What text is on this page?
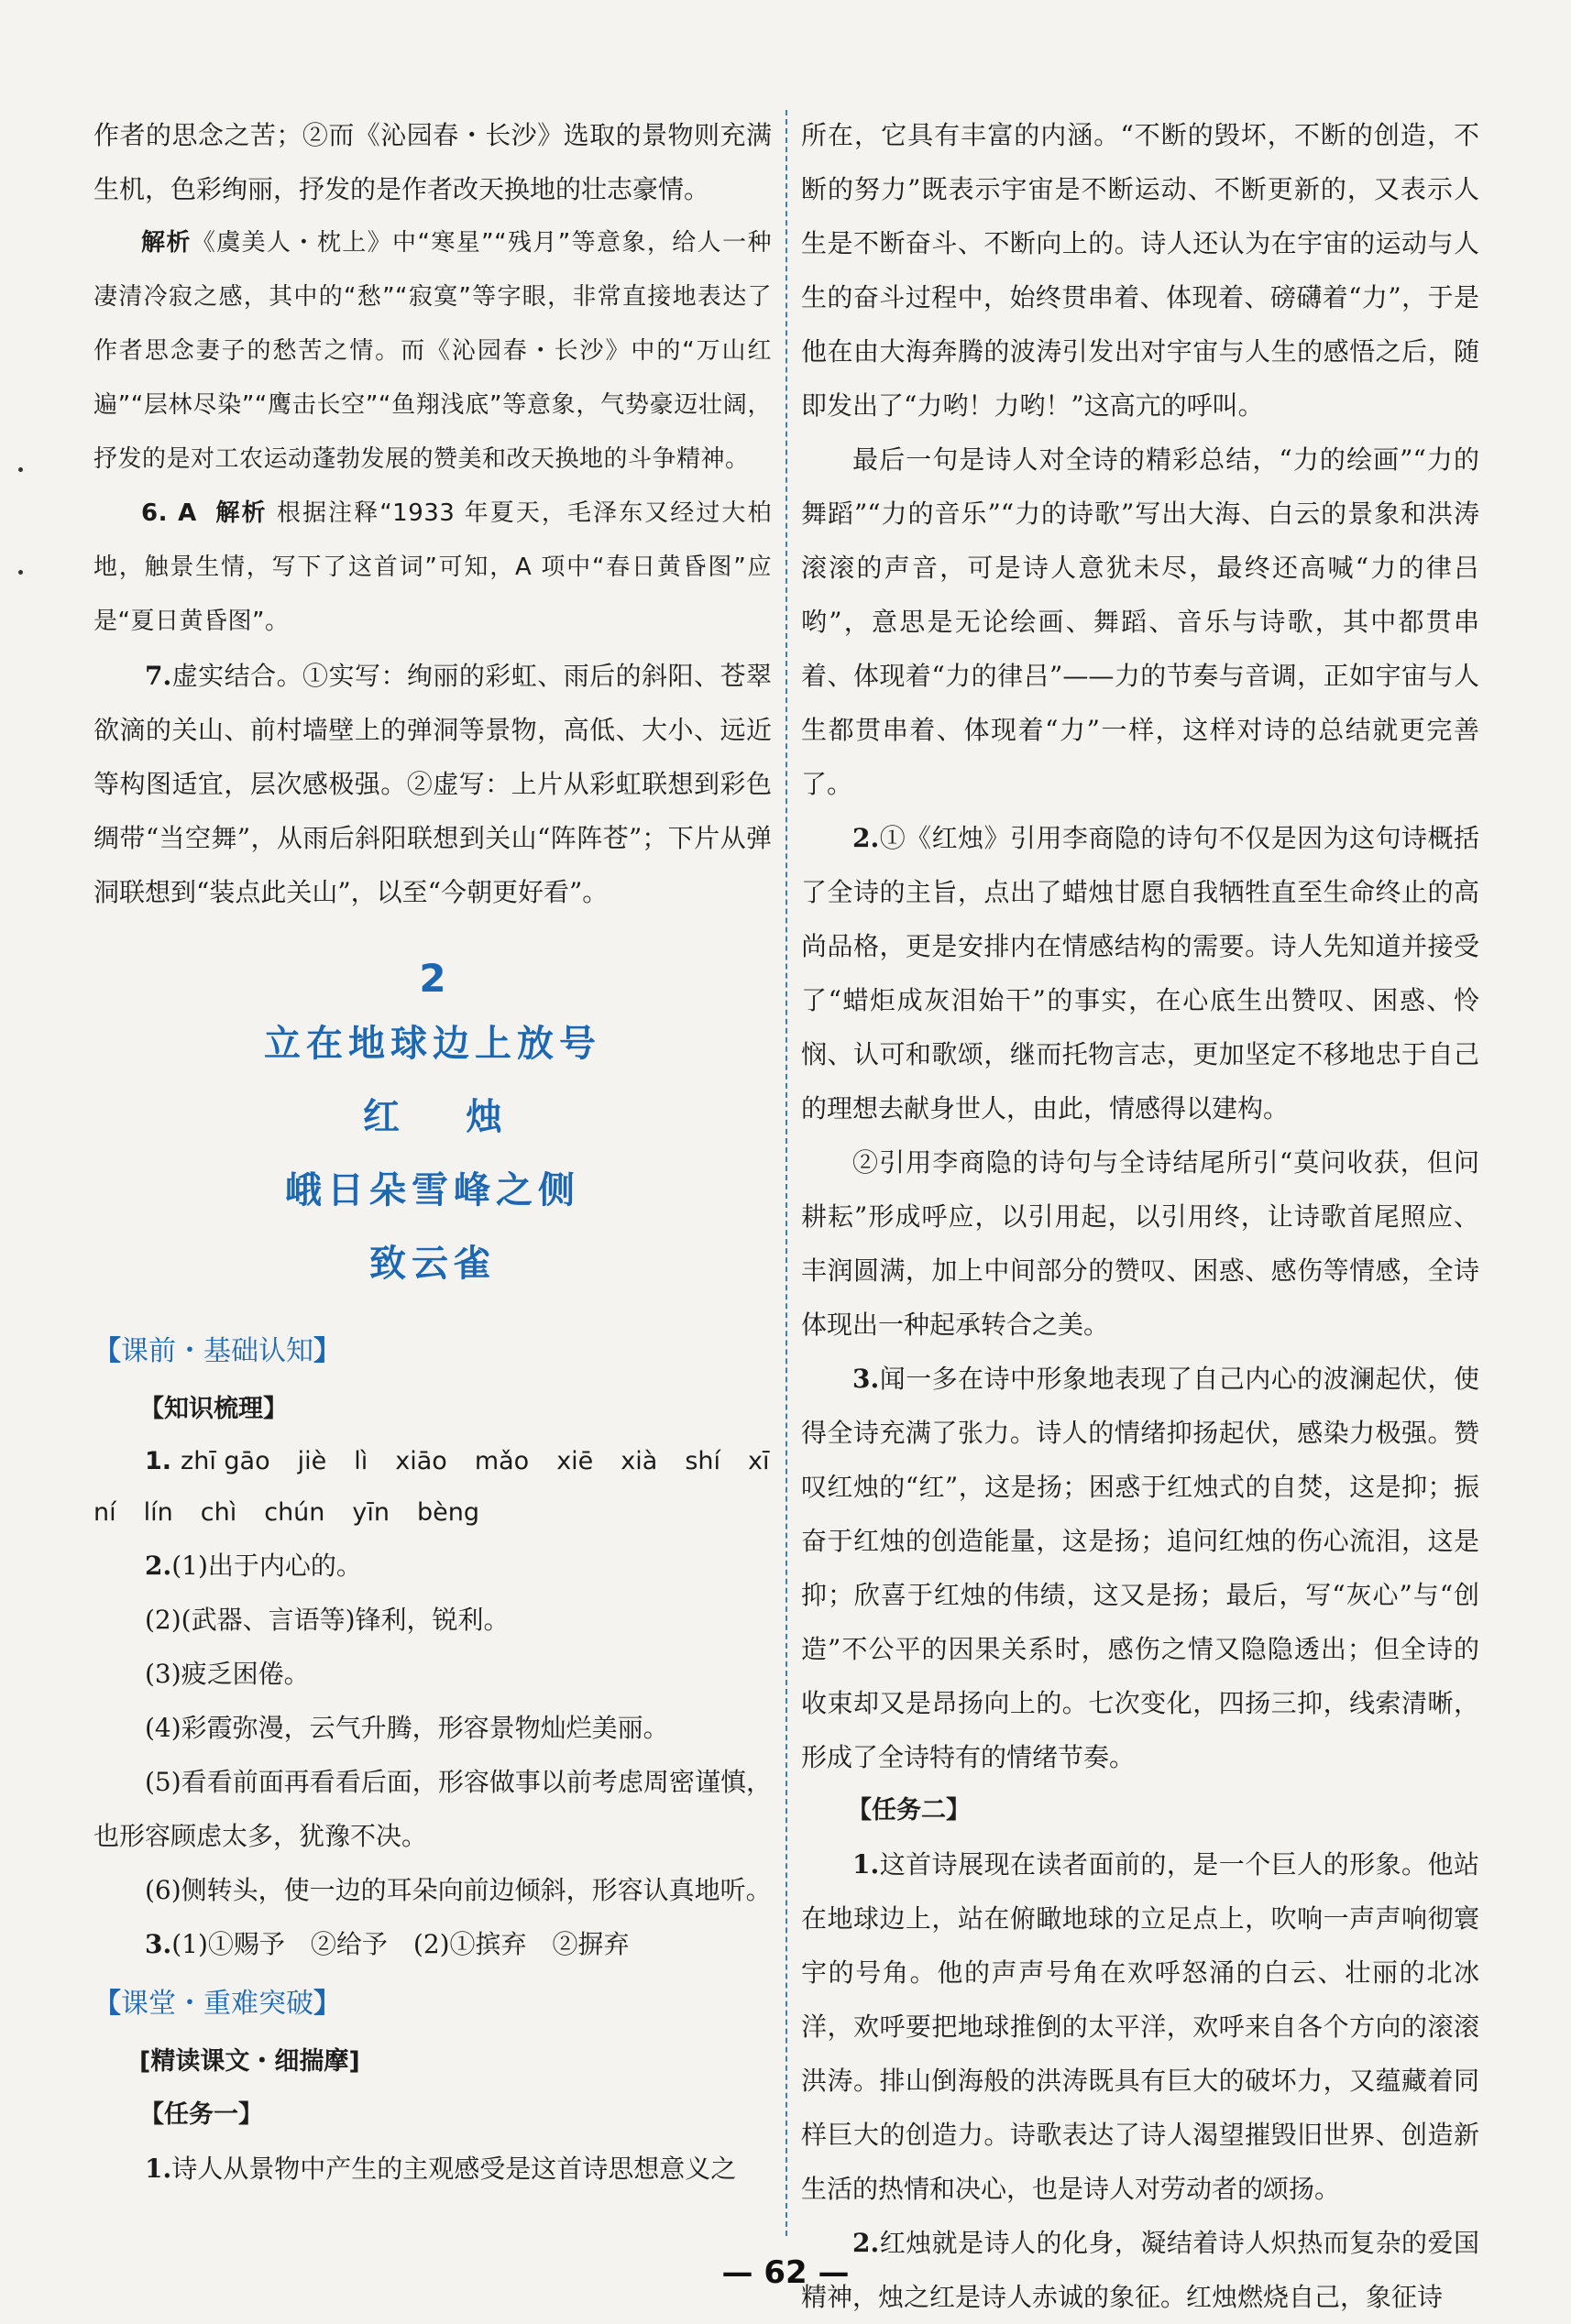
作者的思念之苦；②而《沁园春・长沙》选取的景物则充满生机，色彩绚丽，抒发的是作者改天换地的壮志豪情。

解析《虞美人・枕上》中“寒星”“残月”等意象，给人一种凄清冷寂之感，其中的“愁”“寂寞”等字眼，非常直接地表达了作者思念妻子的愁苦之情。而《沁园春・长沙》中的“万山红遍”“层林尽染”“鹰击长空”“鱼翔浅底”等意象，气势豪迈壮阔，抒发的是对工农运动蓬勃发展的赞美和改天换地的斗争精神。

6. A 解析 根据注释“1933 年夏天，毛泽东又经过大柏地，触景生情，写下了这首词”可知，A 项中“春日黄昏图”应是“夏日黄昏图”。

7.虚实结合。①实写：绚丽的彩虹、雨后的斜阳、苍翠欲滴的关山、前村墙壁上的弹洞等景物，高低、大小、远近等构图适宜，层次感极强。②虚写：上片从彩虹联想到彩色绸带“当空舞”，从雨后斜阳联想到关山“阵阵苍”；下片从弹洞联想到“装点此关山”，以至“今朝更好看”。

2
立在地球边上放号
红烛
峨日朵雪峰之侧
致云雀
【课前・基础认知】
【知识梳理】
1. zhī gāo jiè lì xiāo mǎo xiē xià shí xī
ní lín chì chún yīn bèng

2.(1)出于内心的。

(2)(武器、言语等)锋利，锐利。

(3)疲乏困倦。

(4)彩霞弥漫，云气升腾，形容景物灿烂美丽。

(5)看看前面再看看后面，形容做事以前考虑周密谨慎，也形容顾虑太多，犹豫不决。

(6)侧转头，使一边的耳朵向前边倾斜，形容认真地听。

3.(1)①赐予　②给予　(2)①摈弃　②摒弃

【课堂・重难突破】
[精读课文・细揣摩]
【任务一】

1.诗人从景物中产生的主观感受是这首诗思想意义之

所在，它具有丰富的内涵。“不断的毁坏，不断的创造，不断的努力”既表示宇宙是不断运动、不断更新的，又表示人生是不断奋斗、不断向上的。诗人还认为在宇宙的运动与人生的奋斗过程中，始终贯串着、体现着、磅礴着“力”，于是他在由大海奔腾的波涛引发出对宇宙与人生的感悟之后，随即发出了“力哟！力哟！”这高亢的呼叫。

最后一句是诗人对全诗的精彩总结，“力的绘画”“力的舞蹈”“力的音乐”“力的诗歌”写出大海、白云的景象和洪涛滚滚的声音，可是诗人意犹未尽，最终还高喊“力的律吕哟”，意思是无论绘画、舞蹈、音乐与诗歌，其中都贯串着、体现着“力的律吕”——力的节奏与音调，正如宇宙与人生都贯串着、体现着“力”一样，这样对诗的总结就更完善了。

2.①《红烛》引用李商隐的诗句不仅是因为这句诗概括了全诗的主旨，点出了蜡烛甘愿自我牺牲直至生命终止的高尚品格，更是安排内在情感结构的需要。诗人先知道并接受了“蜡炬成灰泪始干”的事实，在心底生出赞叹、困惑、怜悯、认可和歌颂，继而托物言志，更加坚定不移地忠于自己的理想去献身世人，由此，情感得以建构。

②引用李商隐的诗句与全诗结尾所引“莫问收获，但问耕耘”形成呼应，以引用起，以引用终，让诗歌首尾照应、丰润圆满，加上中间部分的赞叹、困惑、感伤等情感，全诗体现出一种起承转合之美。

3.闻一多在诗中形象地表现了自己内心的波澜起伏，使得全诗充满了张力。诗人的情绪抑扬起伏，感染力极强。赞叹红烛的“红”，这是扬；困惑于红烛式的自焚，这是抑；振奋于红烛的创造能量，这是扬；追问红烛的伤心流泪，这是抑；欣喜于红烛的伟绩，这又是扬；最后，写“灰心”与“创造”不公平的因果关系时，感伤之情又隐隐透出；但全诗的收束却又是昂扬向上的。七次变化，四扬三抑，线索清晰，形成了全诗特有的情绪节奏。

【任务二】

1.这首诗展现在读者面前的，是一个巨人的形象。他站在地球边上，站在俯瞰地球的立足点上，吹响一声声响彻寰宇的号角。他的声声号角在欢呼怒涌的白云、壮丽的北冰洋，欢呼要把地球推倒的太平洋，欢呼来自各个方向的滚滚洪涛。排山倒海般的洪涛既具有巨大的破坏力，又蕴藏着同样巨大的创造力。诗歌表达了诗人渴望摧毁旧世界、创造新生活的热情和决心，也是诗人对劳动者的颂扬。

2.红烛就是诗人的化身，凝结着诗人炽热而复杂的爱国精神，烛之红是诗人赤诚的象征。红烛燃烧自己，象征诗

— 62 —
